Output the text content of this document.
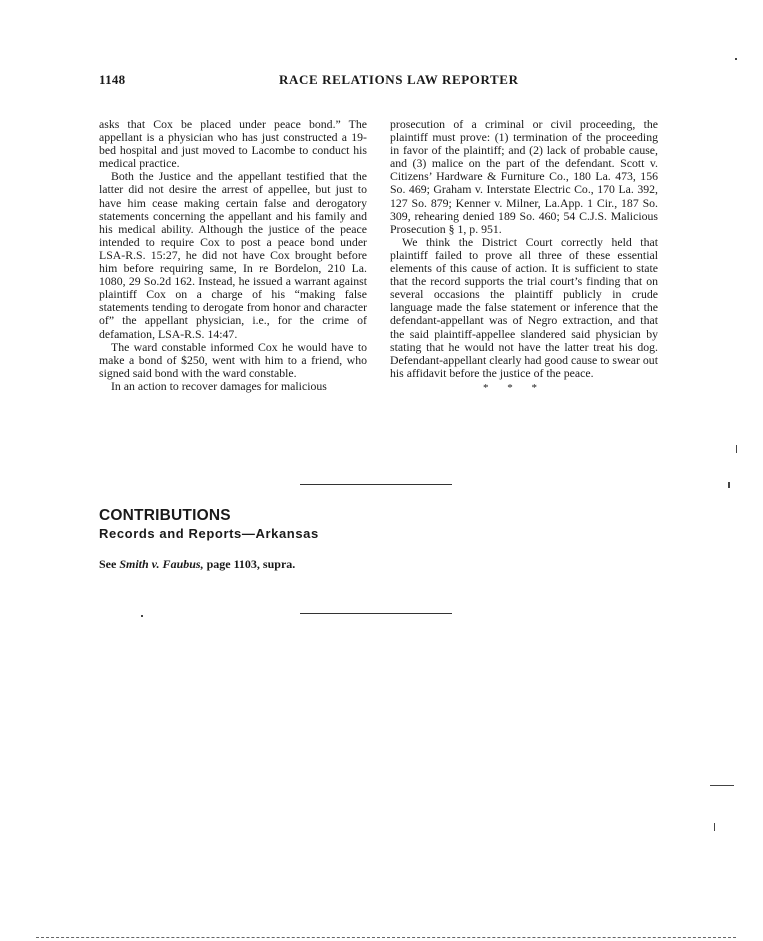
1148	RACE RELATIONS LAW REPORTER

asks that Cox be placed under peace bond.” The appellant is a physician who has just constructed a 19-bed hospital and just moved to Lacombe to conduct his medical practice.

Both the Justice and the appellant testified that the latter did not desire the arrest of appellee, but just to have him cease making certain false and derogatory statements concerning the appellant and his family and his medical ability. Although the justice of the peace intended to require Cox to post a peace bond under LSA-R.S. 15:27, he did not have Cox brought before him before requiring same, In re Bordelon, 210 La. 1080, 29 So.2d 162. Instead, he issued a warrant against plaintiff Cox on a charge of his “making false statements tending to derogate from honor and character of” the appellant physician, i.e., for the crime of defamation, LSA-R.S. 14:47.

The ward constable informed Cox he would have to make a bond of $250, went with him to a friend, who signed said bond with the ward constable.

In an action to recover damages for malicious

prosecution of a criminal or civil proceeding, the plaintiff must prove: (1) termination of the proceeding in favor of the plaintiff; and (2) lack of probable cause, and (3) malice on the part of the defendant. Scott v. Citizens’ Hardware & Furniture Co., 180 La. 473, 156 So. 469; Graham v. Interstate Electric Co., 170 La. 392, 127 So. 879; Kenner v. Milner, La.App. 1 Cir., 187 So. 309, rehearing denied 189 So. 460; 54 C.J.S. Malicious Prosecution § 1, p. 951.

We think the District Court correctly held that plaintiff failed to prove all three of these essential elements of this cause of action. It is sufficient to state that the record supports the trial court’s finding that on several occasions the plaintiff publicly in crude language made the false statement or inference that the defendant-appellant was of Negro extraction, and that the said plaintiff-appellee slandered said physician by stating that he would not have the latter treat his dog. Defendant-appellant clearly had good cause to swear out his affidavit before the justice of the peace.

* * *
CONTRIBUTIONS
Records and Reports—Arkansas
See Smith v. Faubus, page 1103, supra.
